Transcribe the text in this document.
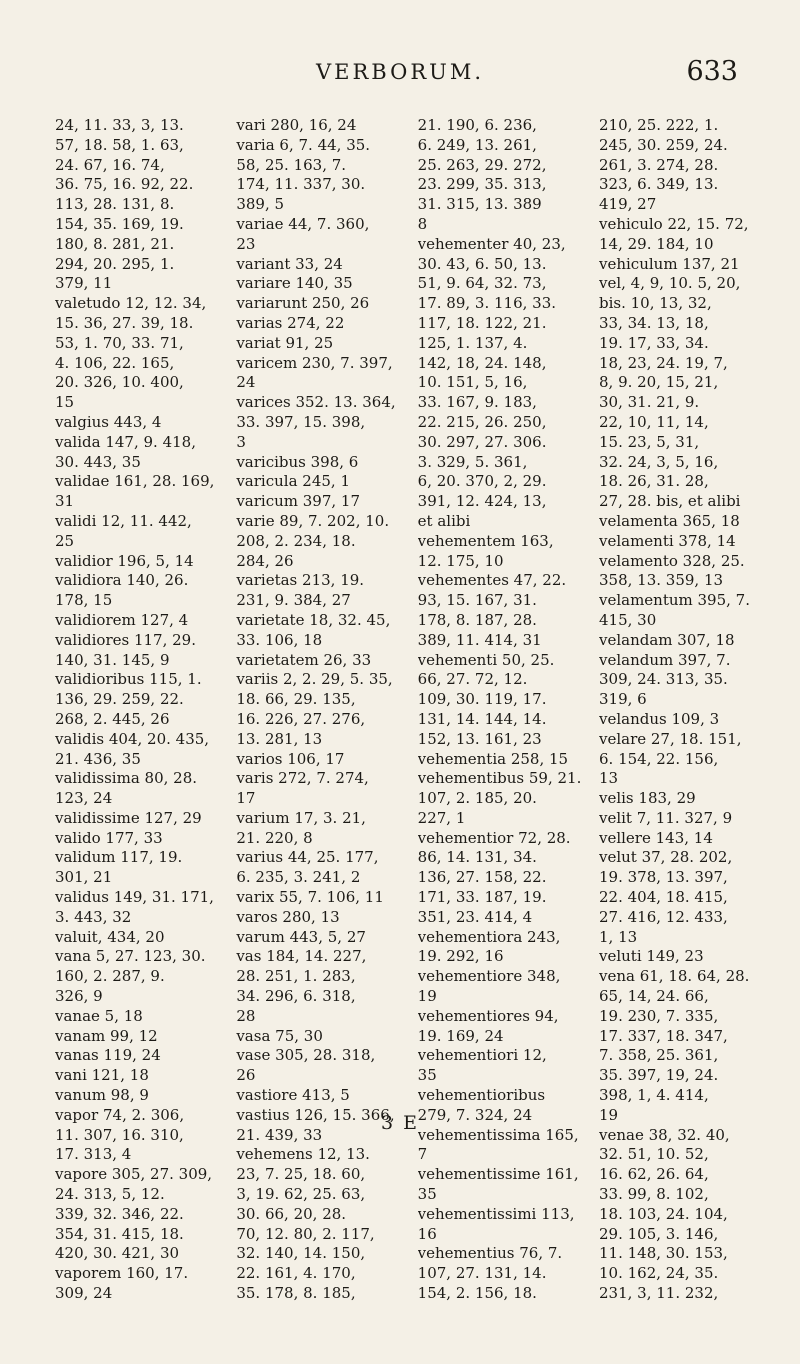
VERBORUM.	633
24, 11. 33, 3, 13.
57, 18. 58, 1. 63,
24. 67, 16. 74,
36. 75, 16. 92, 22.
113, 28. 131, 8.
154, 35. 169, 19.
180, 8. 281, 21.
294, 20. 295, 1.
379, 11
valetudo 12, 12. 34,
15. 36, 27. 39, 18.
53, 1. 70, 33. 71,
4. 106, 22. 165,
20. 326, 10. 400,
15
valgius 443, 4
valida 147, 9. 418,
30. 443, 35
validae 161, 28. 169,
31
validi 12, 11. 442,
25
validior 196, 5, 14
validiora 140, 26.
178, 15
validiorem 127, 4
validiores 117, 29.
140, 31. 145, 9
validioribus 115, 1.
136, 29. 259, 22.
268, 2. 445, 26
validis 404, 20. 435,
21. 436, 35
validissima 80, 28.
123, 24
validissime 127, 29
valido 177, 33
validum 117, 19.
301, 21
validus 149, 31. 171,
3. 443, 32
valuit, 434, 20
vana 5, 27. 123, 30.
160, 2. 287, 9.
326, 9
vanae 5, 18
vanam 99, 12
vanas 119, 24
vani 121, 18
vanum 98, 9
vapor 74, 2. 306,
11. 307, 16. 310,
17. 313, 4
vapore 305, 27. 309,
24. 313, 5, 12.
339, 32. 346, 22.
354, 31. 415, 18.
420, 30. 421, 30
vaporem 160, 17.
309, 24
vari 280, 16, 24
varia 6, 7. 44, 35.
58, 25. 163, 7.
174, 11. 337, 30.
389, 5
variae 44, 7. 360,
23
variant 33, 24
variare 140, 35
variarunt 250, 26
varias 274, 22
variat 91, 25
varicem 230, 7. 397,
24
varices 352. 13. 364,
33. 397, 15. 398,
3
varicibus 398, 6
varicula 245, 1
varicum 397, 17
varie 89, 7. 202, 10.
208, 2. 234, 18.
284, 26
varietas 213, 19.
231, 9. 384, 27
varietate 18, 32. 45,
33. 106, 18
varietatem 26, 33
variis 2, 2. 29, 5. 35,
18. 66, 29. 135,
16. 226, 27. 276,
13. 281, 13
varios 106, 17
varis 272, 7. 274,
17
varium 17, 3. 21,
21. 220, 8
varius 44, 25. 177,
6. 235, 3. 241, 2
varix 55, 7. 106, 11
varos 280, 13
varum 443, 5, 27
vas 184, 14. 227,
28. 251, 1. 283,
34. 296, 6. 318,
28
vasa 75, 30
vase 305, 28. 318,
26
vastiore 413, 5
vastius 126, 15. 366,
21. 439, 33
vehemens 12, 13.
23, 7. 25, 18. 60,
3, 19. 62, 25. 63,
30. 66, 20, 28.
70, 12. 80, 2. 117,
32. 140, 14. 150,
22. 161, 4. 170,
35. 178, 8. 185,
21. 190, 6. 236,
6. 249, 13. 261,
25. 263, 29. 272,
23. 299, 35. 313,
31. 315, 13. 389
8
vehementer 40, 23,
30. 43, 6. 50, 13.
51, 9. 64, 32. 73,
17. 89, 3. 116, 33.
117, 18. 122, 21.
125, 1. 137, 4.
142, 18, 24. 148,
10. 151, 5, 16,
33. 167, 9. 183,
22. 215, 26. 250,
30. 297, 27. 306.
3. 329, 5. 361,
6, 20. 370, 2, 29.
391, 12. 424, 13,
et alibi
vehementem 163,
12. 175, 10
vehementes 47, 22.
93, 15. 167, 31.
178, 8. 187, 28.
389, 11. 414, 31
vehementi 50, 25.
66, 27. 72, 12.
109, 30. 119, 17.
131, 14. 144, 14.
152, 13. 161, 23
vehementia 258, 15
vehementibus 59, 21.
107, 2. 185, 20.
227, 1
vehementior 72, 28.
86, 14. 131, 34.
136, 27. 158, 22.
171, 33. 187, 19.
351, 23. 414, 4
vehementiora 243,
19. 292, 16
vehementiore 348,
19
vehementiores 94,
19. 169, 24
vehementiori 12,
35
vehementioribus
279, 7. 324, 24
vehementissima 165,
7
vehementissime 161,
35
vehementissimi 113,
16
vehementius 76, 7.
107, 27. 131, 14.
154, 2. 156, 18.
210, 25. 222, 1.
245, 30. 259, 24.
261, 3. 274, 28.
323, 6. 349, 13.
419, 27
vehiculo 22, 15. 72,
14, 29. 184, 10
vehiculum 137, 21
vel, 4, 9, 10. 5, 20,
bis. 10, 13, 32,
33, 34. 13, 18,
19. 17, 33, 34.
18, 23, 24. 19, 7,
8, 9. 20, 15, 21,
30, 31. 21, 9.
22, 10, 11, 14,
15. 23, 5, 31,
32. 24, 3, 5, 16,
18. 26, 31. 28,
27, 28. bis, et alibi
velamenta 365, 18
velamenti 378, 14
velamento 328, 25.
358, 13. 359, 13
velamentum 395, 7.
415, 30
velandam 307, 18
velandum 397, 7.
309, 24. 313, 35.
319, 6
velandus 109, 3
velare 27, 18. 151,
6. 154, 22. 156,
13
velis 183, 29
velit 7, 11. 327, 9
vellere 143, 14
velut 37, 28. 202,
19. 378, 13. 397,
22. 404, 18. 415,
27. 416, 12. 433,
1, 13
veluti 149, 23
vena 61, 18. 64, 28.
65, 14, 24. 66,
19. 230, 7. 335,
17. 337, 18. 347,
7. 358, 25. 361,
35. 397, 19, 24.
398, 1, 4. 414,
19
venae 38, 32. 40,
32. 51, 10. 52,
16. 62, 26. 64,
33. 99, 8. 102,
18. 103, 24. 104,
29. 105, 3. 146,
11. 148, 30. 153,
10. 162, 24, 35.
231, 3, 11. 232,
3 E
